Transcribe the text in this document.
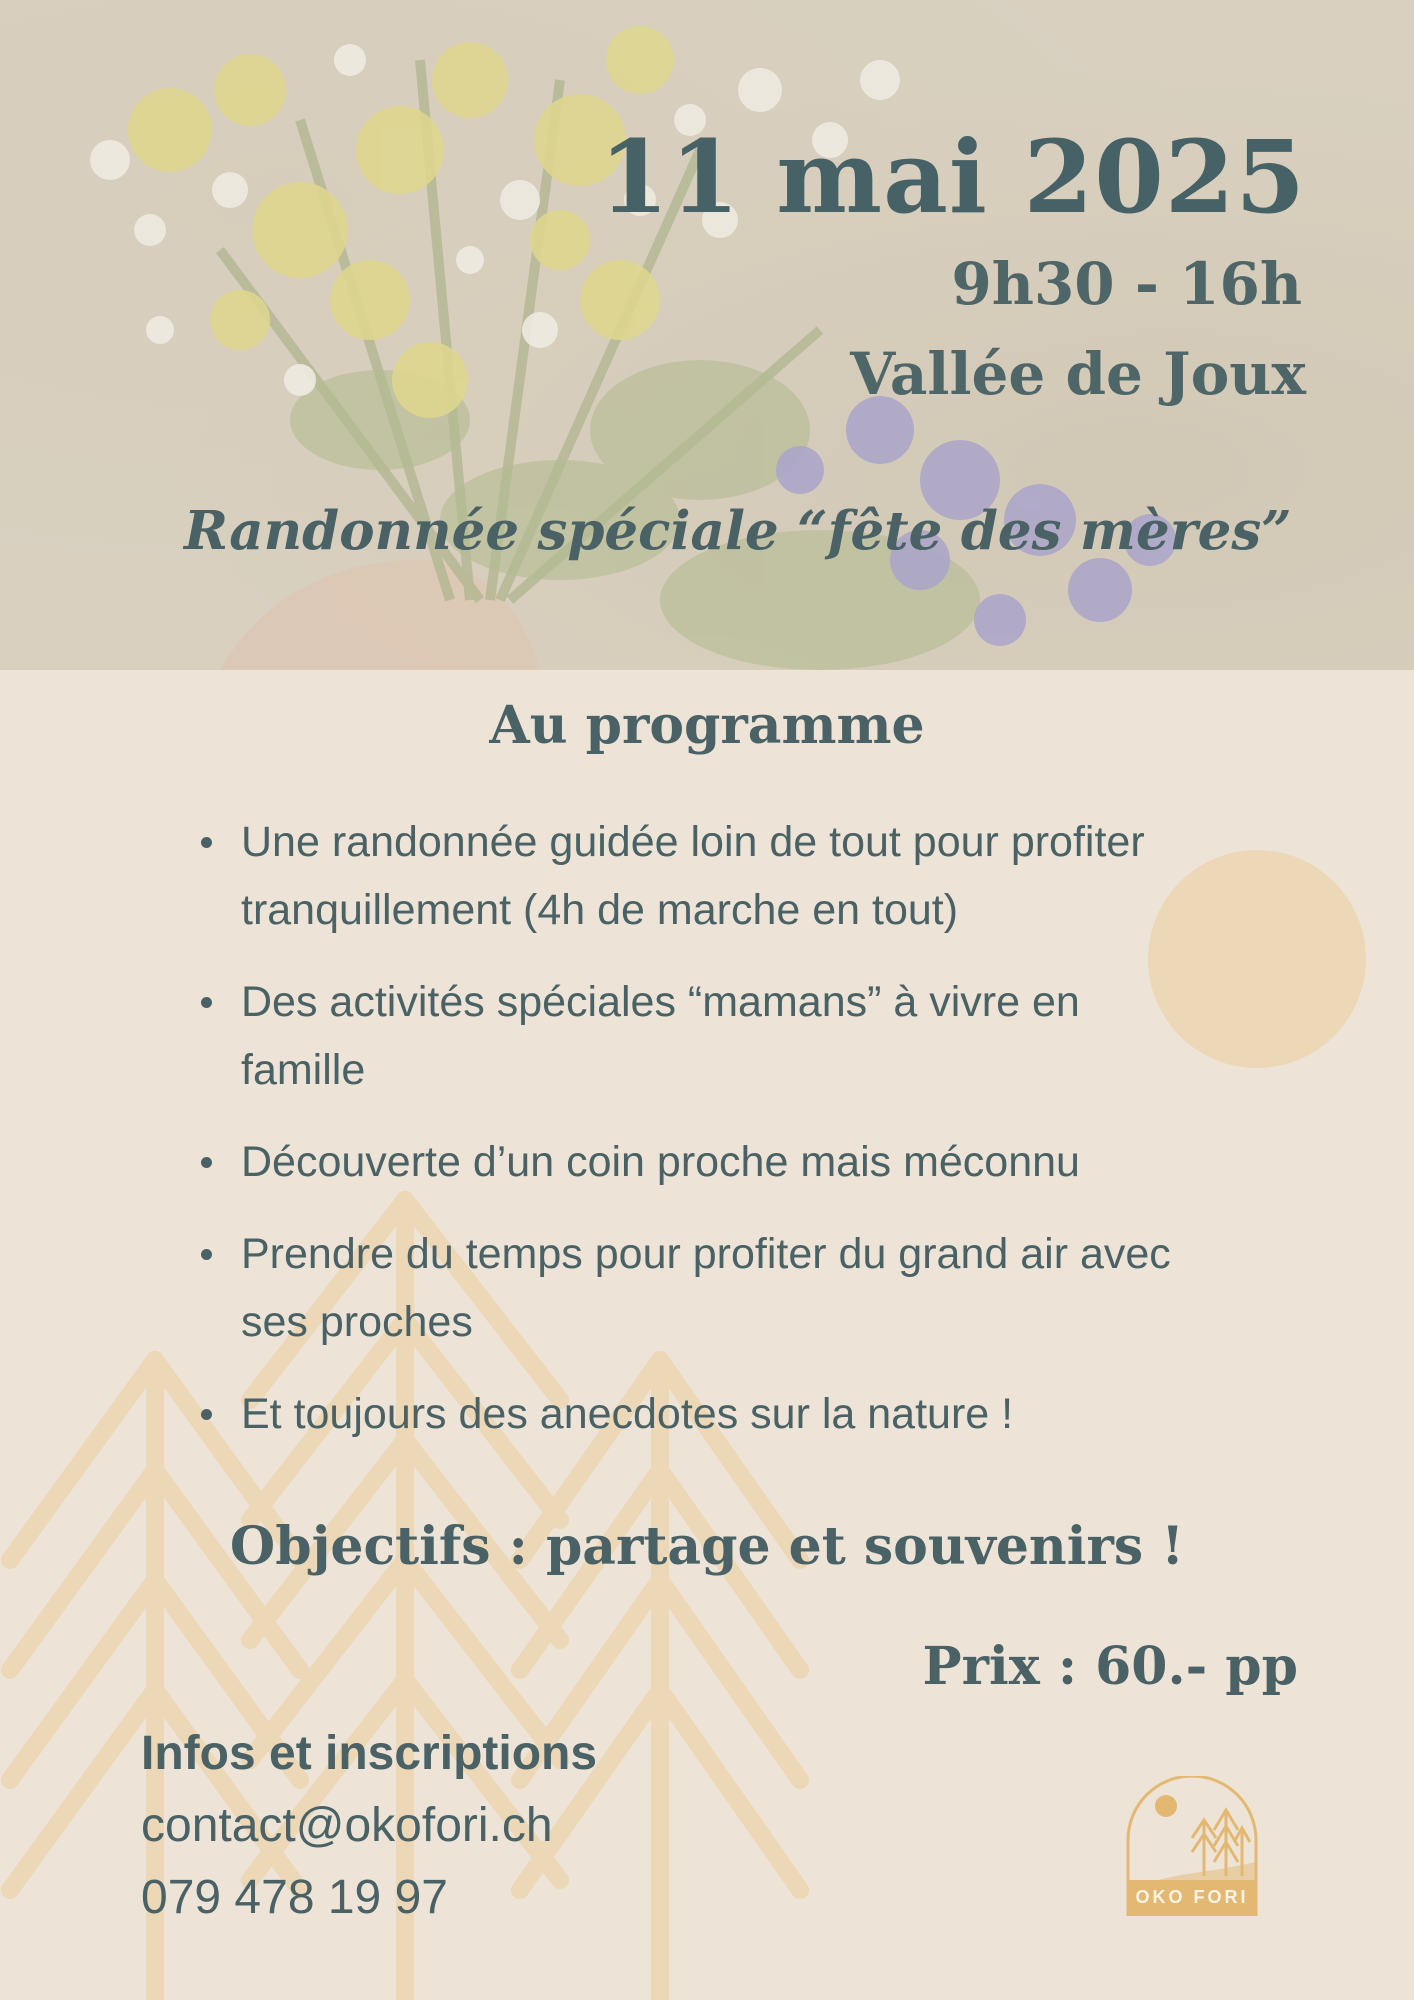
11 mai 2025
9h30 - 16h
Vallée de Joux
Randonnée spéciale “fête des mères”
Au programme
Une randonnée guidée loin de tout pour profiter tranquillement (4h de marche en tout)
Des activités spéciales “mamans” à vivre en famille
Découverte d’un coin proche mais méconnu
Prendre du temps pour profiter du grand air avec ses proches
Et toujours des anecdotes sur la nature !
Objectifs : partage et souvenirs !
Prix : 60.- pp
Infos et inscriptions
contact@okofori.ch
079 478 19 97	OKO FORI
